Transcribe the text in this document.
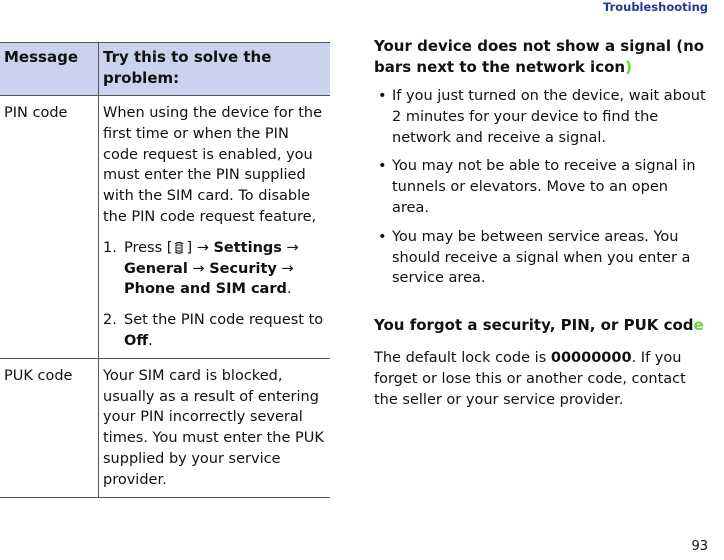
Troubleshooting
Message	Try this to solve the problem:
PIN code	When using the device for the first time or when the PIN code request is enabled, you must enter the PIN supplied with the SIM card. To disable the PIN code request feature,
1. Press [ ] → Settings → General → Security → Phone and SIM card.
2. Set the PIN code request to Off.

PUK code	Your SIM card is blocked, usually as a result of entering your PIN incorrectly several times. You must enter the PUK supplied by your service provider.

Your device does not show a signal (no bars next to the network icon)

• If you just turned on the device, wait about 2 minutes for your device to find the network and receive a signal.
• You may not be able to receive a signal in tunnels or elevators. Move to an open area.
• You may be between service areas. You should receive a signal when you enter a service area.

You forgot a security, PIN, or PUK code

The default lock code is 00000000. If you forget or lose this or another code, contact the seller or your service provider.
93
